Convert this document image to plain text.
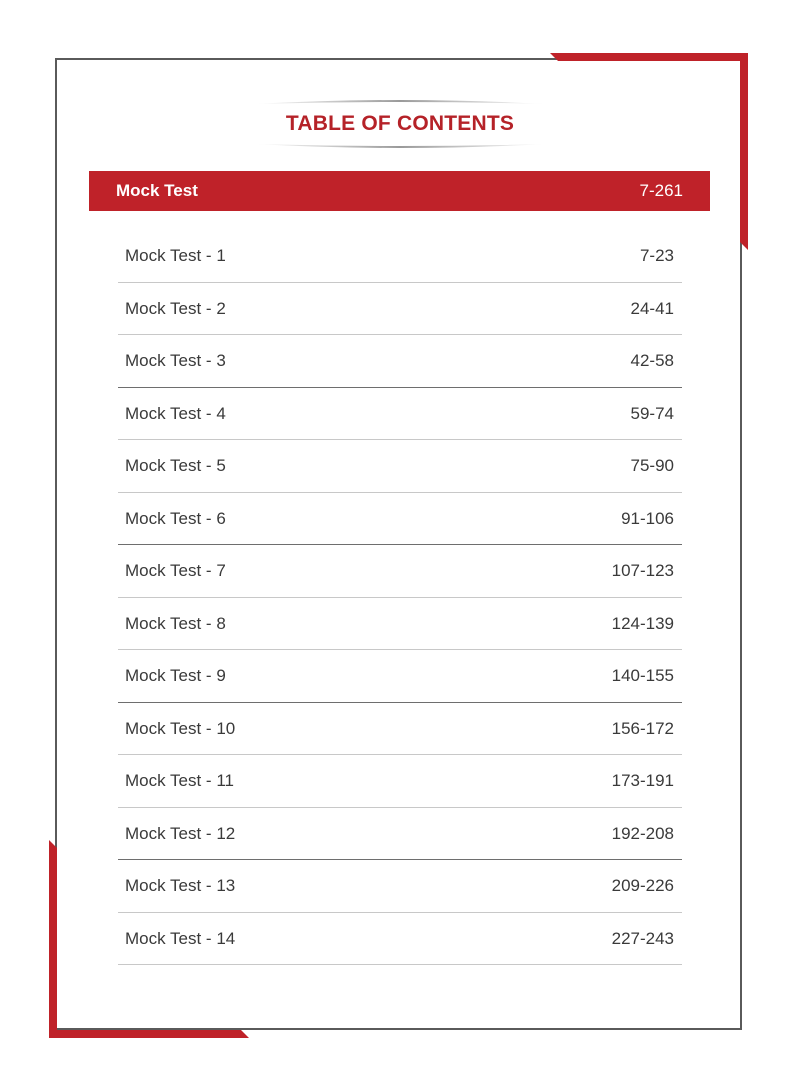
TABLE OF CONTENTS
Mock Test	7-261
Mock Test - 1	7-23
Mock Test - 2	24-41
Mock Test - 3	42-58
Mock Test - 4	59-74
Mock Test - 5	75-90
Mock Test - 6	91-106
Mock Test - 7	107-123
Mock Test - 8	124-139
Mock Test - 9	140-155
Mock Test - 10	156-172
Mock Test - 11	173-191
Mock Test - 12	192-208
Mock Test - 13	209-226
Mock Test - 14	227-243
